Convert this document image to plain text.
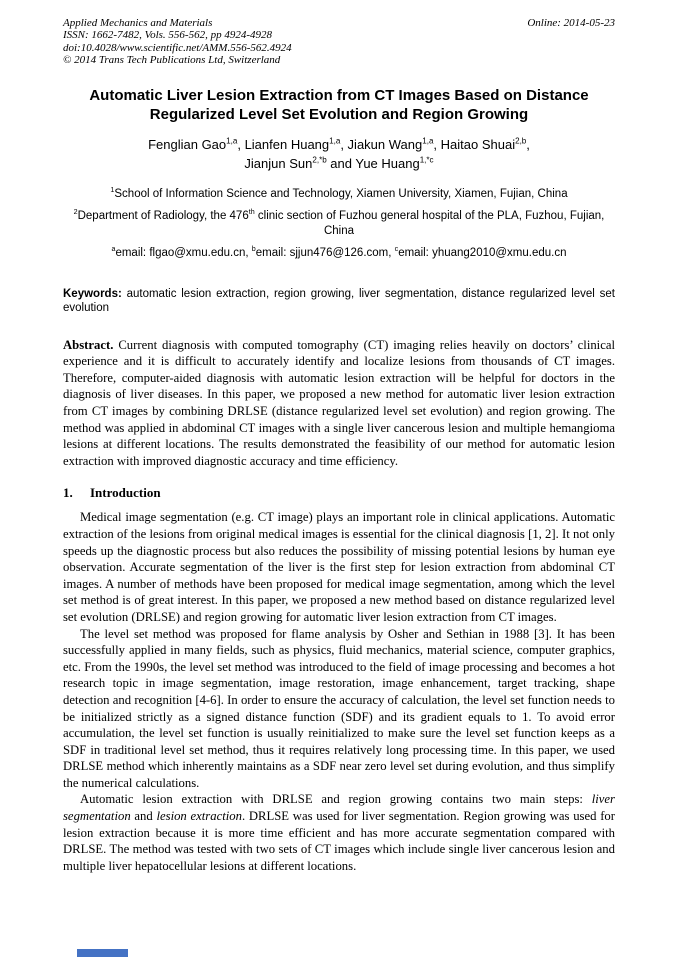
Applied Mechanics and Materials
ISSN: 1662-7482, Vols. 556-562, pp 4924-4928
doi:10.4028/www.scientific.net/AMM.556-562.4924
© 2014 Trans Tech Publications Ltd, Switzerland
Online: 2014-05-23
Automatic Liver Lesion Extraction from CT Images Based on Distance Regularized Level Set Evolution and Region Growing
Fenglian Gao$^{1,a}$, Lianfen Huang$^{1,a}$, Jiakun Wang$^{1,a}$, Haitao Shuai$^{2,b}$,
Jianjun Sun$^{2,*b}$ and Yue Huang$^{1,*c}$
$^1$School of Information Science and Technology, Xiamen University, Xiamen, Fujian, China
$^2$Department of Radiology, the 476th clinic section of Fuzhou general hospital of the PLA, Fuzhou, Fujian, China
$^a$email: flgao@xmu.edu.cn, $^b$email: sjjun476@126.com, $^c$email: yhuang2010@xmu.edu.cn

Keywords: automatic lesion extraction, region growing, liver segmentation, distance regularized level set evolution

Abstract. Current diagnosis with computed tomography (CT) imaging relies heavily on doctors’ clinical experience and it is difficult to accurately identify and localize lesions from thousands of CT images. Therefore, computer-aided diagnosis with automatic lesion extraction will be helpful for doctors in the diagnosis of liver diseases. In this paper, we proposed a new method for automatic liver lesion extraction from CT images by combining DRLSE (distance regularized level set evolution) and region growing. The method was applied in abdominal CT images with a single liver cancerous lesion and multiple hemangioma lesions at different locations. The results demonstrated the feasibility of our method for automatic lesion extraction with improved diagnostic accuracy and time efficiency.

1. Introduction

Medical image segmentation (e.g. CT image) plays an important role in clinical applications. Automatic extraction of the lesions from original medical images is essential for the clinical diagnosis [1, 2]. It not only speeds up the diagnostic process but also reduces the possibility of missing potential lesions by human eye observation. Accurate segmentation of the liver is the first step for lesion extraction from abdominal CT images. A number of methods have been proposed for medical image segmentation, among which the level set method is of great interest. In this paper, we proposed a new method based on distance regularized level set evolution (DRLSE) and region growing for automatic liver lesion extraction from CT images.

The level set method was proposed for flame analysis by Osher and Sethian in 1988 [3]. It has been successfully applied in many fields, such as physics, fluid mechanics, material science, computer graphics, etc. From the 1990s, the level set method was introduced to the field of image processing and becomes a hot research topic in image segmentation, image restoration, image enhancement, target tracking, shape detection and recognition [4-6]. In order to ensure the accuracy of calculation, the level set function needs to be initialized strictly as a signed distance function (SDF) and its gradient equals to 1. To avoid error accumulation, the level set function is usually reinitialized to make sure the level set function keeps as a SDF in traditional level set method, thus it requires relatively long processing time. In this paper, we used DRLSE method which inherently maintains as a SDF near zero level set during evolution, and thus simplify the numerical calculations.

Automatic lesion extraction with DRLSE and region growing contains two main steps: liver segmentation and lesion extraction. DRLSE was used for liver segmentation. Region growing was used for lesion extraction because it is more time efficient and has more accurate segmentation compared with DRLSE. The method was tested with two sets of CT images which include single liver cancerous lesion and multiple liver hepatocellular lesions at different locations.
